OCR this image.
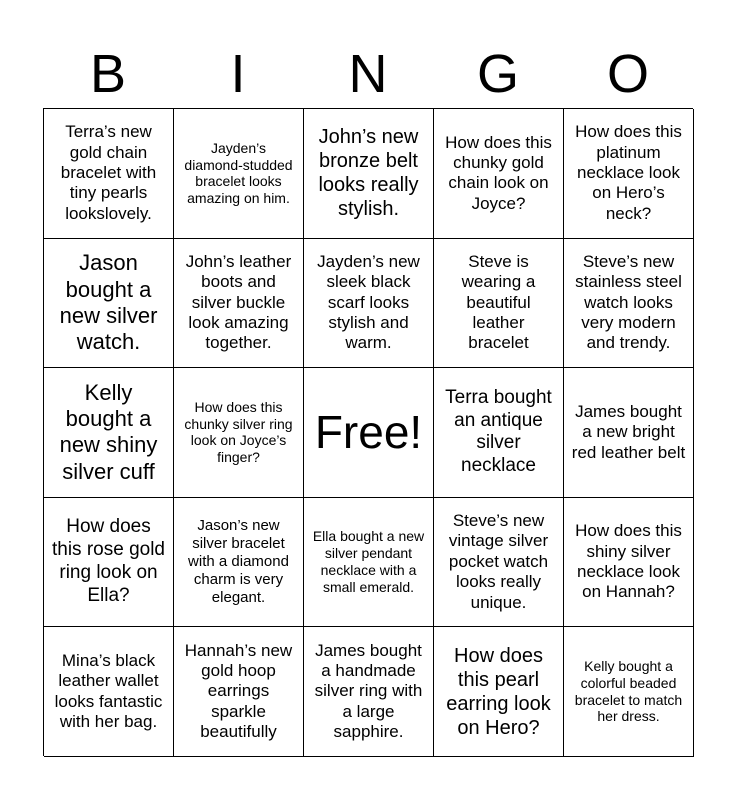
B	I	N	G	O
Terra’s new gold chain bracelet with tiny pearls lookslovely.
Jayden’s diamond-studded bracelet looks amazing on him.
John’s new bronze belt looks really stylish.
How does this chunky gold chain look on Joyce?
How does this platinum necklace look on Hero’s neck?
Jason bought a new silver watch.
John’s leather boots and silver buckle look amazing together.
Jayden’s new sleek black scarf looks stylish and warm.
Steve is wearing a beautiful leather bracelet
Steve’s new stainless steel watch looks very modern and trendy.
Kelly bought a new shiny silver cuff
How does this chunky silver ring look on Joyce’s finger?	Free!
Terra bought an antique silver necklace
James bought a new bright red leather belt
How does this rose gold ring look on Ella?
Jason’s new silver bracelet with a diamond charm is very elegant.
Ella bought a new silver pendant necklace with a small emerald.
Steve’s new vintage silver pocket watch looks really unique.
How does this shiny silver necklace look on Hannah?
Mina’s black leather wallet looks fantastic with her bag.
Hannah’s new gold hoop earrings sparkle beautifully
James bought a handmade silver ring with a large sapphire.
How does this pearl earring look on Hero?
Kelly bought a colorful beaded bracelet to match her dress.
